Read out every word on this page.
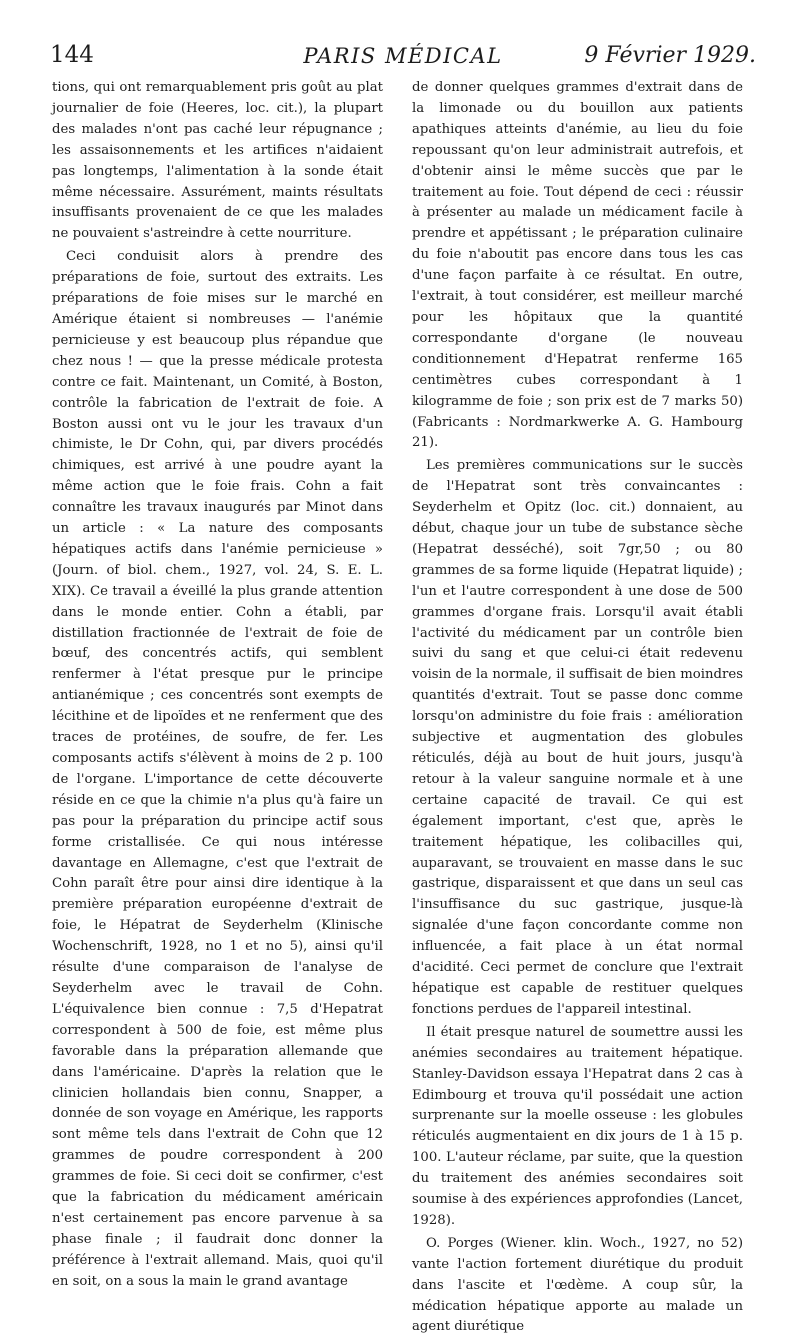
144	PARIS MÉDICAL	9 Février 1929.

tions, qui ont remarquablement pris goût au plat journalier de foie (Heeres, loc. cit.), la plupart des malades n'ont pas caché leur répugnance ; les assaisonnements et les artifices n'aidaient pas longtemps, l'alimentation à la sonde était même nécessaire. Assurément, maints résultats insuffisants provenaient de ce que les malades ne pouvaient s'astreindre à cette nourriture.

Ceci conduisit alors à prendre des préparations de foie, surtout des extraits. Les préparations de foie mises sur le marché en Amérique étaient si nombreuses — l'anémie pernicieuse y est beaucoup plus répandue que chez nous ! — que la presse médicale protesta contre ce fait. Maintenant, un Comité, à Boston, contrôle la fabrication de l'extrait de foie. A Boston aussi ont vu le jour les travaux d'un chimiste, le Dr Cohn, qui, par divers procédés chimiques, est arrivé à une poudre ayant la même action que le foie frais. Cohn a fait connaître les travaux inaugurés par Minot dans un article : « La nature des composants hépatiques actifs dans l'anémie pernicieuse » (Journ. of biol. chem., 1927, vol. 24, S. E. L. XIX). Ce travail a éveillé la plus grande attention dans le monde entier. Cohn a établi, par distillation fractionnée de l'extrait de foie de bœuf, des concentrés actifs, qui semblent renfermer à l'état presque pur le principe antianémique ; ces concentrés sont exempts de lécithine et de lipoïdes et ne renferment que des traces de protéines, de soufre, de fer. Les composants actifs s'élèvent à moins de 2 p. 100 de l'organe. L'importance de cette découverte réside en ce que la chimie n'a plus qu'à faire un pas pour la préparation du principe actif sous forme cristallisée. Ce qui nous intéresse davantage en Allemagne, c'est que l'extrait de Cohn paraît être pour ainsi dire identique à la première préparation européenne d'extrait de foie, le Hépatrat de Seyderhelm (Klinische Wochenschrift, 1928, no 1 et no 5), ainsi qu'il résulte d'une comparaison de l'analyse de Seyderhelm avec le travail de Cohn. L'équivalence bien connue : 7,5 d'Hepatrat correspondent à 500 de foie, est même plus favorable dans la préparation allemande que dans l'américaine. D'après la relation que le clinicien hollandais bien connu, Snapper, a donnée de son voyage en Amérique, les rapports sont même tels dans l'extrait de Cohn que 12 grammes de poudre correspondent à 200 grammes de foie. Si ceci doit se confirmer, c'est que la fabrication du médicament américain n'est certainement pas encore parvenue à sa phase finale ; il faudrait donc donner la préférence à l'extrait allemand. Mais, quoi qu'il en soit, on a sous la main le grand avantage

de donner quelques grammes d'extrait dans de la limonade ou du bouillon aux patients apathiques atteints d'anémie, au lieu du foie repoussant qu'on leur administrait autrefois, et d'obtenir ainsi le même succès que par le traitement au foie. Tout dépend de ceci : réussir à présenter au malade un médicament facile à prendre et appétissant ; le préparation culinaire du foie n'aboutit pas encore dans tous les cas d'une façon parfaite à ce résultat. En outre, l'extrait, à tout considérer, est meilleur marché pour les hôpitaux que la quantité correspondante d'organe (le nouveau conditionnement d'Hepatrat renferme 165 centimètres cubes correspondant à 1 kilogramme de foie ; son prix est de 7 marks 50) (Fabricants : Nordmarkwerke A. G. Hambourg 21).

Les premières communications sur le succès de l'Hepatrat sont très convaincantes : Seyderhelm et Opitz (loc. cit.) donnaient, au début, chaque jour un tube de substance sèche (Hepatrat desséché), soit 7gr,50 ; ou 80 grammes de sa forme liquide (Hepatrat liquide) ; l'un et l'autre correspondent à une dose de 500 grammes d'organe frais. Lorsqu'il avait établi l'activité du médicament par un contrôle bien suivi du sang et que celui-ci était redevenu voisin de la normale, il suffisait de bien moindres quantités d'extrait. Tout se passe donc comme lorsqu'on administre du foie frais : amélioration subjective et augmentation des globules réticulés, déjà au bout de huit jours, jusqu'à retour à la valeur sanguine normale et à une certaine capacité de travail. Ce qui est également important, c'est que, après le traitement hépatique, les colibacilles qui, auparavant, se trouvaient en masse dans le suc gastrique, disparaissent et que dans un seul cas l'insuffisance du suc gastrique, jusque-là signalée d'une façon concordante comme non influencée, a fait place à un état normal d'acidité. Ceci permet de conclure que l'extrait hépatique est capable de restituer quelques fonctions perdues de l'appareil intestinal.

Il était presque naturel de soumettre aussi les anémies secondaires au traitement hépatique. Stanley-Davidson essaya l'Hepatrat dans 2 cas à Edimbourg et trouva qu'il possédait une action surprenante sur la moelle osseuse : les globules réticulés augmentaient en dix jours de 1 à 15 p. 100. L'auteur réclame, par suite, que la question du traitement des anémies secondaires soit soumise à des expériences approfondies (Lancet, 1928).

O. Porges (Wiener. klin. Woch., 1927, no 52) vante l'action fortement diurétique du produit dans l'ascite et l'œdème. A coup sûr, la médication hépatique apporte au malade un agent diurétique
